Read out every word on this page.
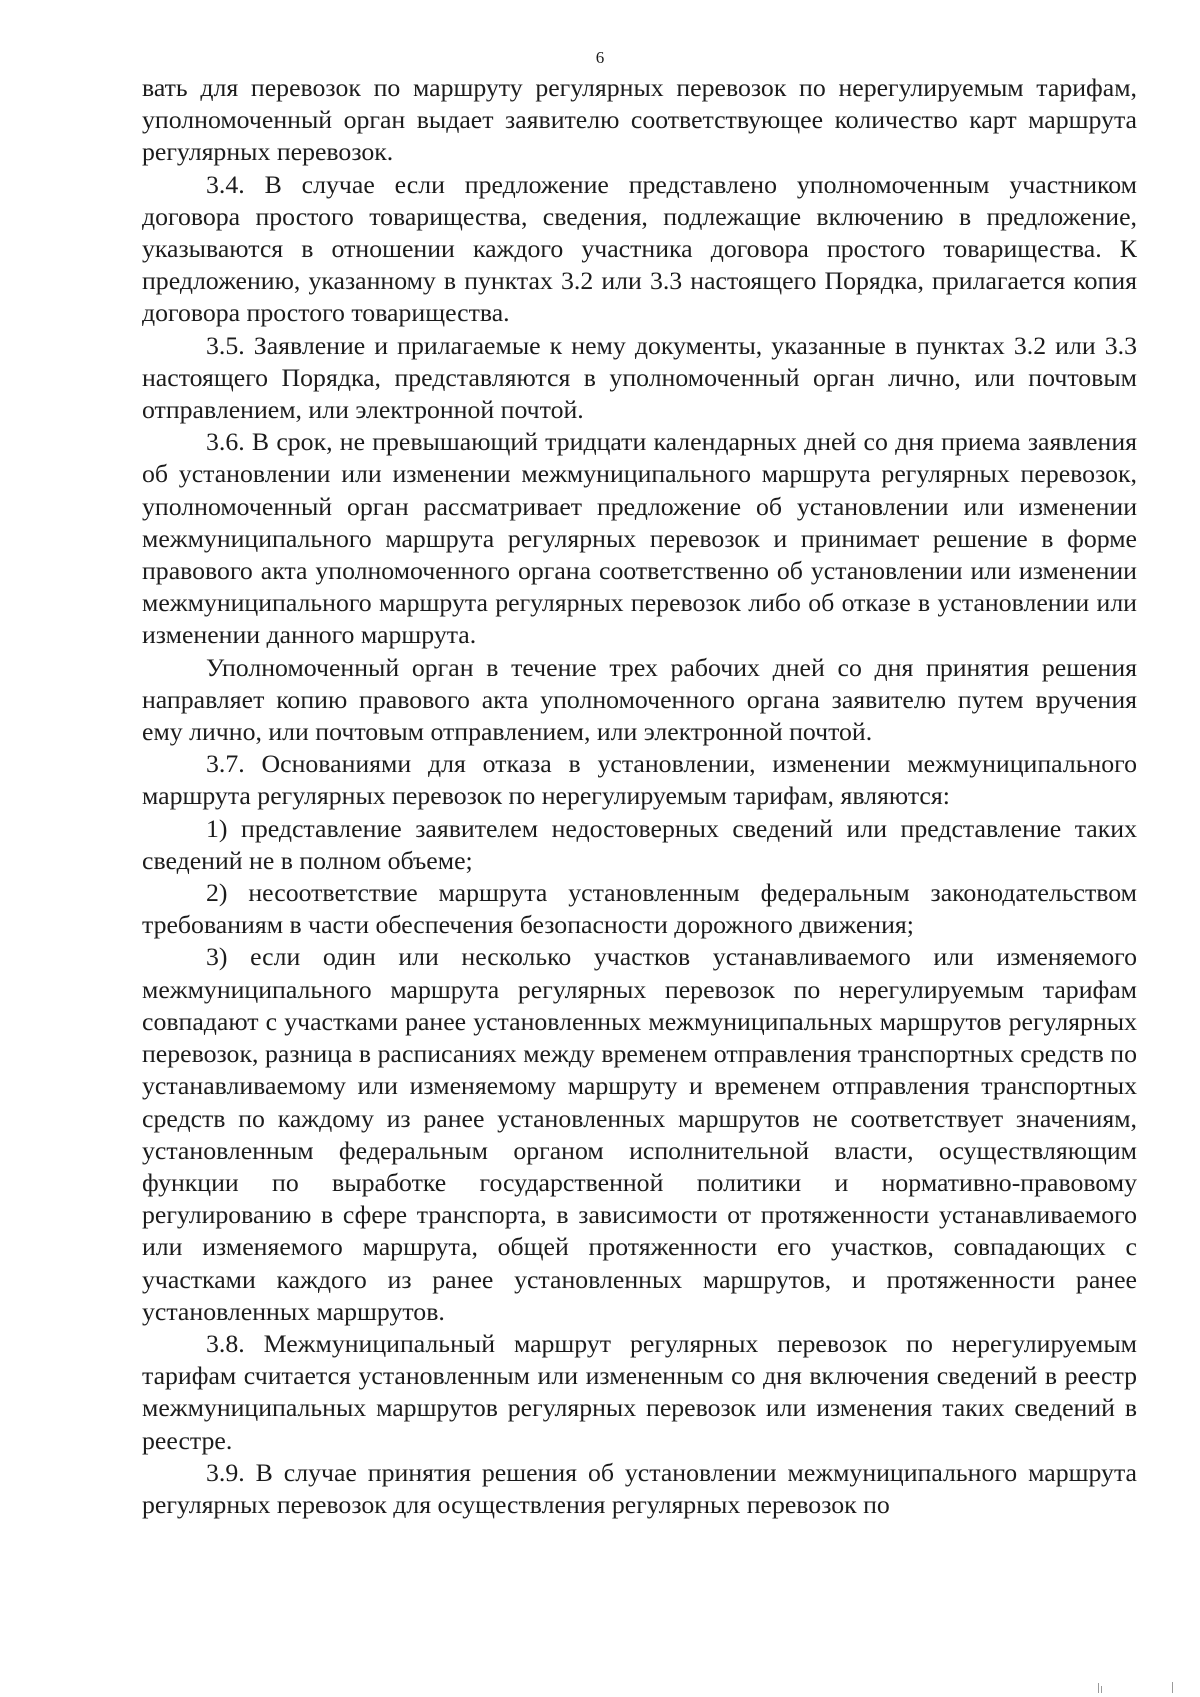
6

вать для перевозок по маршруту регулярных перевозок по нерегулируемым тарифам, уполномоченный орган выдает заявителю соответствующее количество карт маршрута регулярных перевозок.

3.4. В случае если предложение представлено уполномоченным участником договора простого товарищества, сведения, подлежащие включению в предложение, указываются в отношении каждого участника договора простого товарищества. К предложению, указанному в пунктах 3.2 или 3.3 настоящего Порядка, прилагается копия договора простого товарищества.

3.5. Заявление и прилагаемые к нему документы, указанные в пунктах 3.2 или 3.3 настоящего Порядка, представляются в уполномоченный орган лично, или почтовым отправлением, или электронной почтой.

3.6. В срок, не превышающий тридцати календарных дней со дня приема заявления об установлении или изменении межмуниципального маршрута регулярных перевозок, уполномоченный орган рассматривает предложение об установлении или изменении межмуниципального маршрута регулярных перевозок и принимает решение в форме правового акта уполномоченного органа соответственно об установлении или изменении межмуниципального маршрута регулярных перевозок либо об отказе в установлении или изменении данного маршрута.

Уполномоченный орган в течение трех рабочих дней со дня принятия решения направляет копию правового акта уполномоченного органа заявителю путем вручения ему лично, или почтовым отправлением, или электронной почтой.

3.7. Основаниями для отказа в установлении, изменении межмуниципального маршрута регулярных перевозок по нерегулируемым тарифам, являются:

1) представление заявителем недостоверных сведений или представление таких сведений не в полном объеме;

2) несоответствие маршрута установленным федеральным законодательством требованиям в части обеспечения безопасности дорожного движения;

3) если один или несколько участков устанавливаемого или изменяемого межмуниципального маршрута регулярных перевозок по нерегулируемым тарифам совпадают с участками ранее установленных межмуниципальных маршрутов регулярных перевозок, разница в расписаниях между временем отправления транспортных средств по устанавливаемому или изменяемому маршруту и временем отправления транспортных средств по каждому из ранее установленных маршрутов не соответствует значениям, установленным федеральным органом исполнительной власти, осуществляющим функции по выработке государственной политики и нормативно-правовому регулированию в сфере транспорта, в зависимости от протяженности устанавливаемого или изменяемого маршрута, общей протяженности его участков, совпадающих с участками каждого из ранее установленных маршрутов, и протяженности ранее установленных маршрутов.

3.8. Межмуниципальный маршрут регулярных перевозок по нерегулируемым тарифам считается установленным или измененным со дня включения сведений в реестр межмуниципальных маршрутов регулярных перевозок или изменения таких сведений в реестре.

3.9. В случае принятия решения об установлении межмуниципального маршрута регулярных перевозок для осуществления регулярных перевозок по
